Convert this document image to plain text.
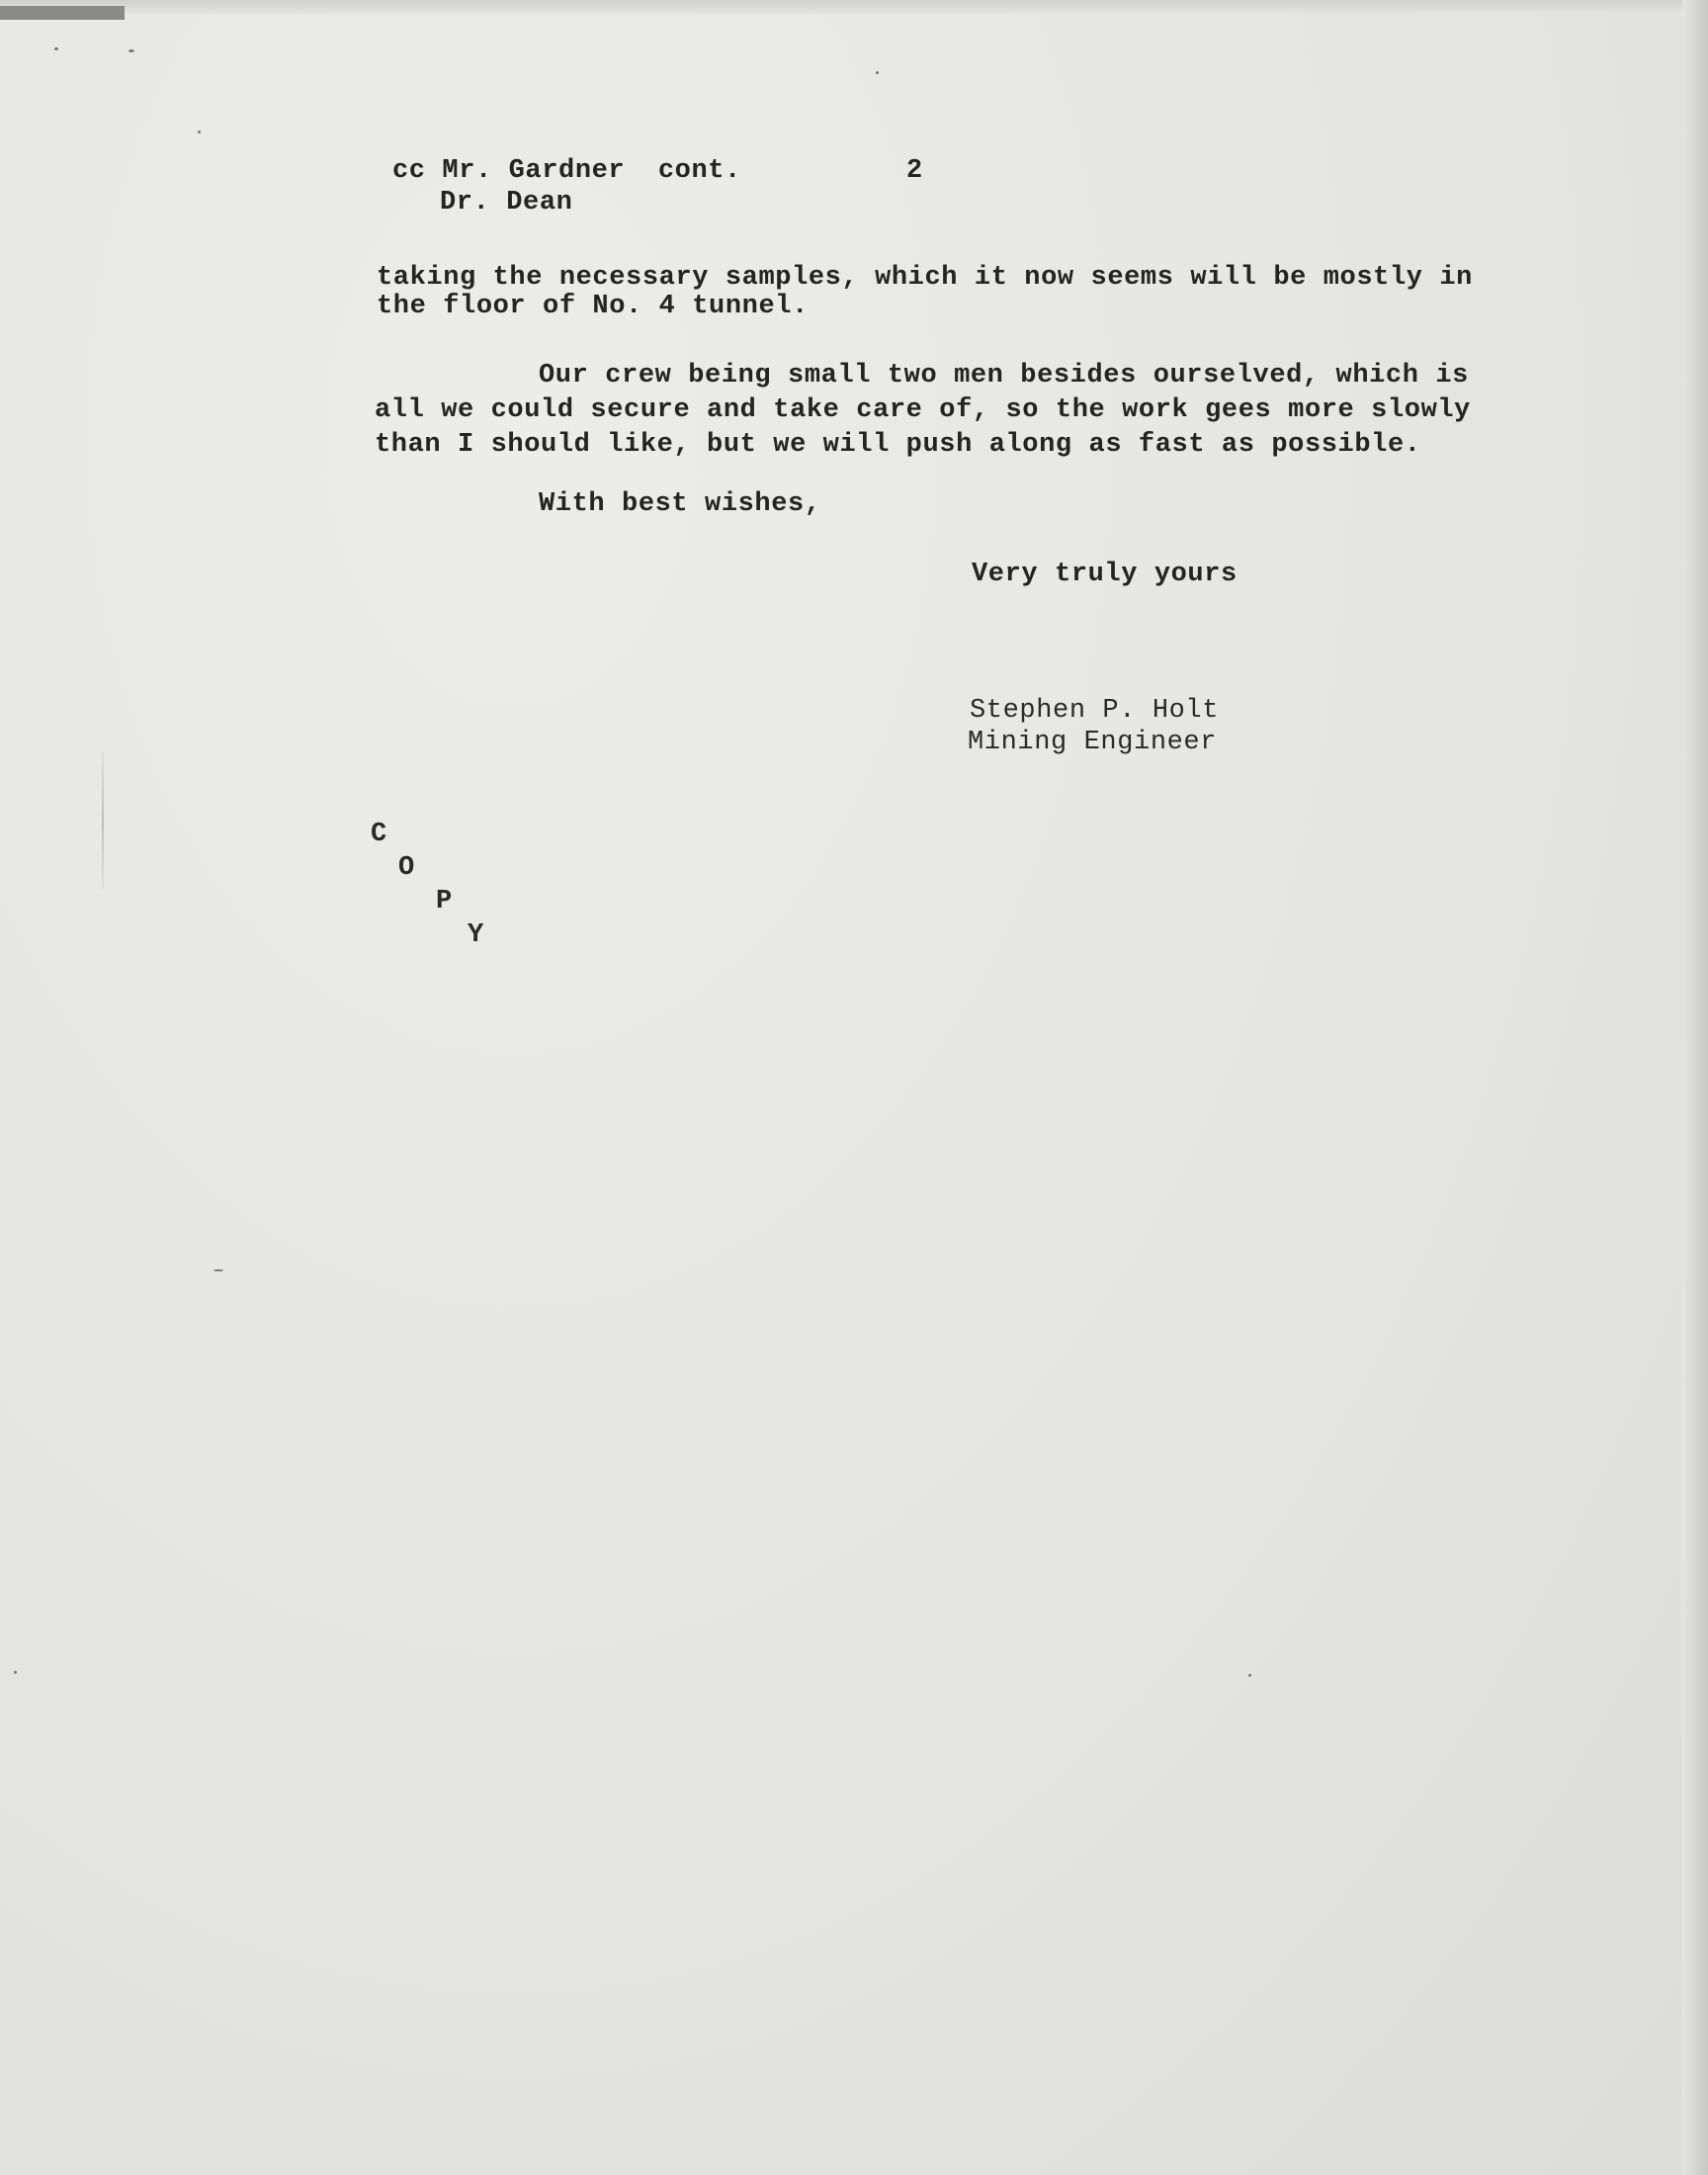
cc Mr. Gardner  cont.	2
Dr. Dean
taking the necessary samples, which it now seems will be mostly in
the floor of No. 4 tunnel.
Our crew being small two men besides ourselved, which is
all we could secure and take care of, so the work gees more slowly
than I should like, but we will push along as fast as possible.
With best wishes,
Very truly yours
Stephen P. Holt
Mining Engineer
C
O
P
Y
